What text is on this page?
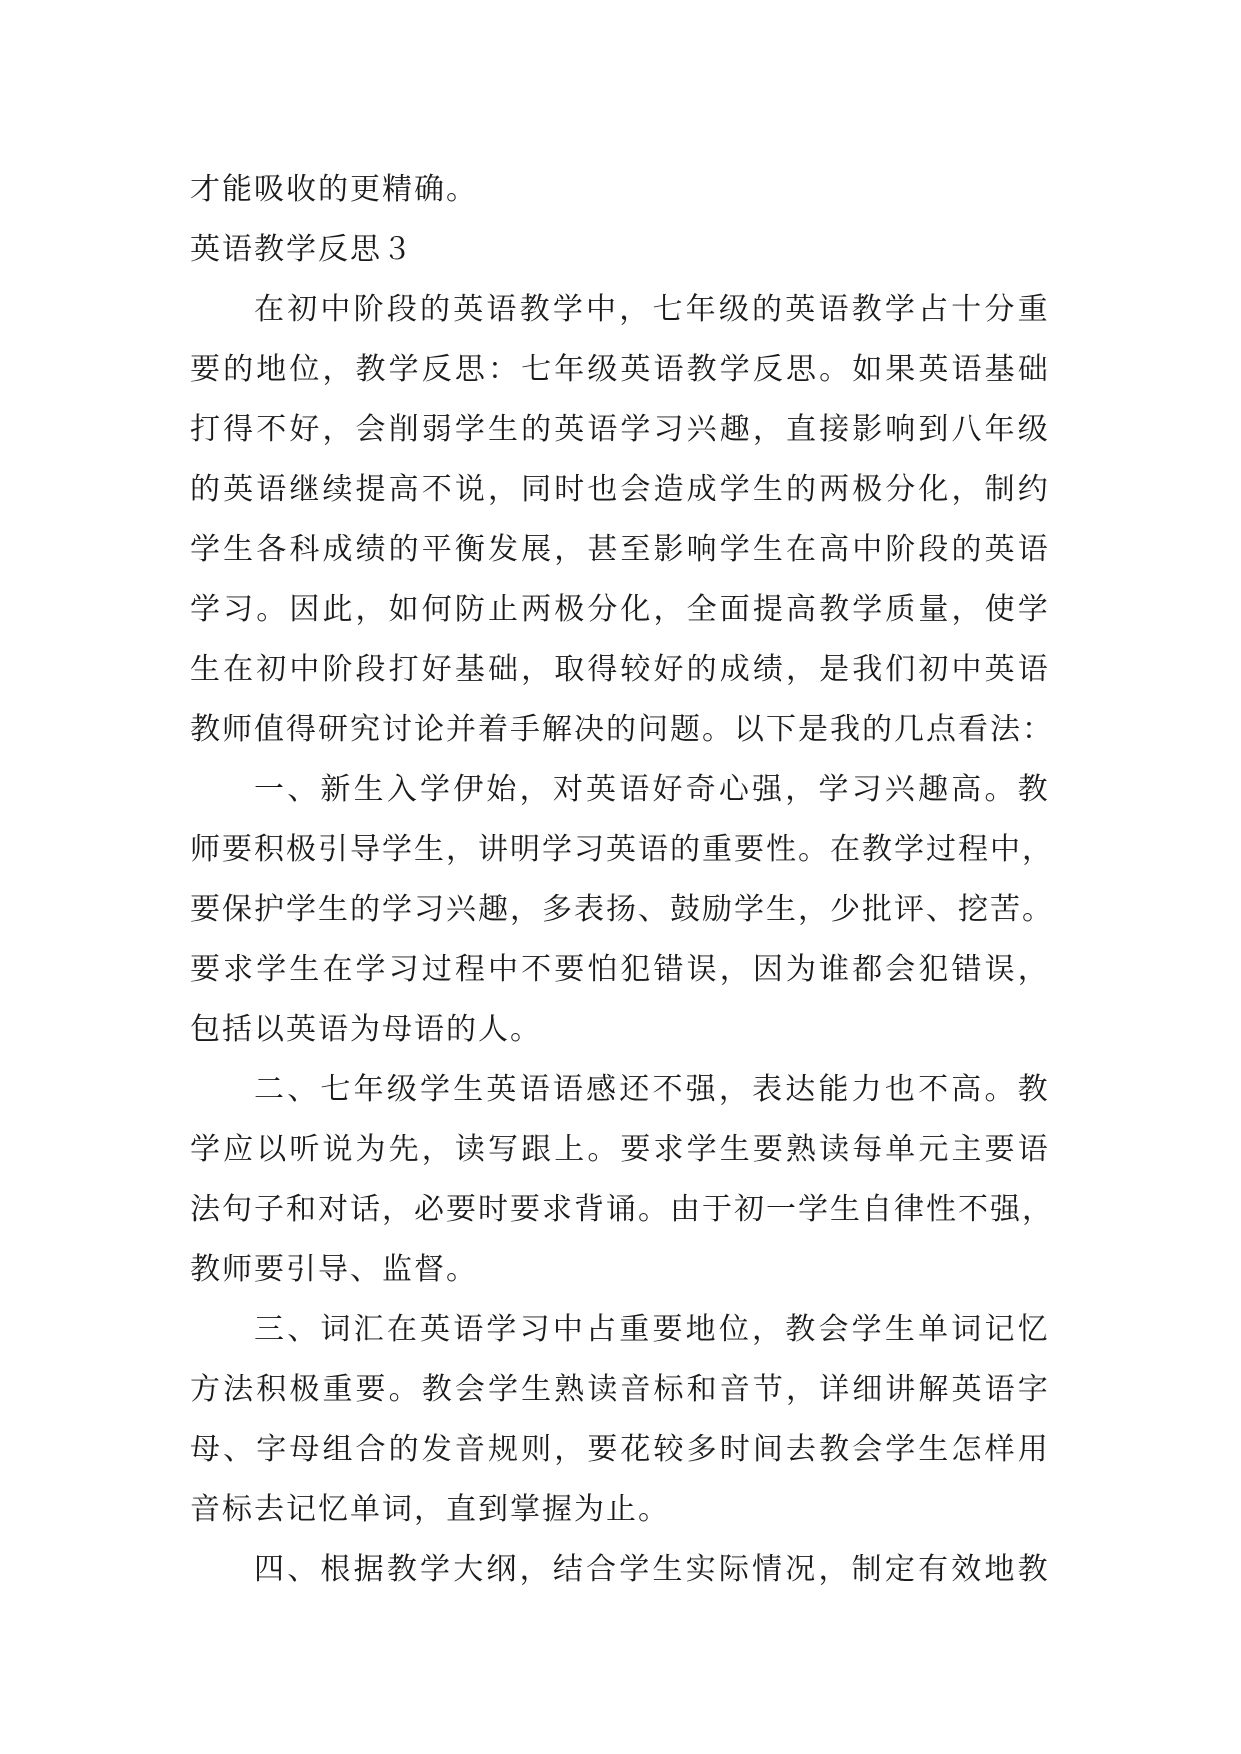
才能吸收的更精确。
英语教学反思３
在 初 中 阶 段 的 英 语 教 学 中 ， 七 年 级 的 英 语 教 学 占 十 分 重
要 的 地 位 ， 教 学 反 思 ： 七 年 级 英 语 教 学 反 思 。 如 果 英 语 基 础
打 得 不 好 ， 会 削 弱 学 生 的 英 语 学 习 兴 趣 ， 直 接 影 响 到 八 年 级
的 英 语 继 续 提 高 不 说 ， 同 时 也 会 造 成 学 生 的 两 极 分 化 ， 制 约
学 生 各 科 成 绩 的 平 衡 发 展 ， 甚 至 影 响 学 生 在 高 中 阶 段 的 英 语
学 习 。 因 此 ， 如 何 防 止 两 极 分 化 ， 全 面 提 高 教 学 质 量 ， 使 学
生 在 初 中 阶 段 打 好 基 础 ， 取 得 较 好 的 成 绩 ， 是 我 们 初 中 英 语
教师值得研究讨论并着手解决的问题。以下是我的几点看法：
一 、 新 生 入 学 伊 始 ， 对 英 语 好 奇 心 强 ， 学 习 兴 趣 高 。 教
师 要 积 极 引 导 学 生 ， 讲 明 学 习 英 语 的 重 要 性 。 在 教 学 过 程 中 ，
要 保 护 学 生 的 学 习 兴 趣 ， 多 表 扬 、 鼓 励 学 生 ， 少 批 评 、 挖 苦 。
要 求 学 生 在 学 习 过 程 中 不 要 怕 犯 错 误 ， 因 为 谁 都 会 犯 错 误 ，
包括以英语为母语的人。
二 、 七 年 级 学 生 英 语 语 感 还 不 强 ， 表 达 能 力 也 不 高 。 教
学 应 以 听 说 为 先 ， 读 写 跟 上 。 要 求 学 生 要 熟 读 每 单 元 主 要 语
法 句 子 和 对 话 ， 必 要 时 要 求 背 诵 。 由 于 初 一 学 生 自 律 性 不 强 ，
教师要引导、监督。
三 、 词 汇 在 英 语 学 习 中 占 重 要 地 位 ， 教 会 学 生 单 词 记 忆
方 法 积 极 重 要 。 教 会 学 生 熟 读 音 标 和 音 节 ， 详 细 讲 解 英 语 字
母 、 字 母 组 合 的 发 音 规 则 ， 要 花 较 多 时 间 去 教 会 学 生 怎 样 用
音标去记忆单词，直到掌握为止。
四 、 根 据 教 学 大 纲 ， 结 合 学 生 实 际 情 况 ， 制 定 有 效 地 教
